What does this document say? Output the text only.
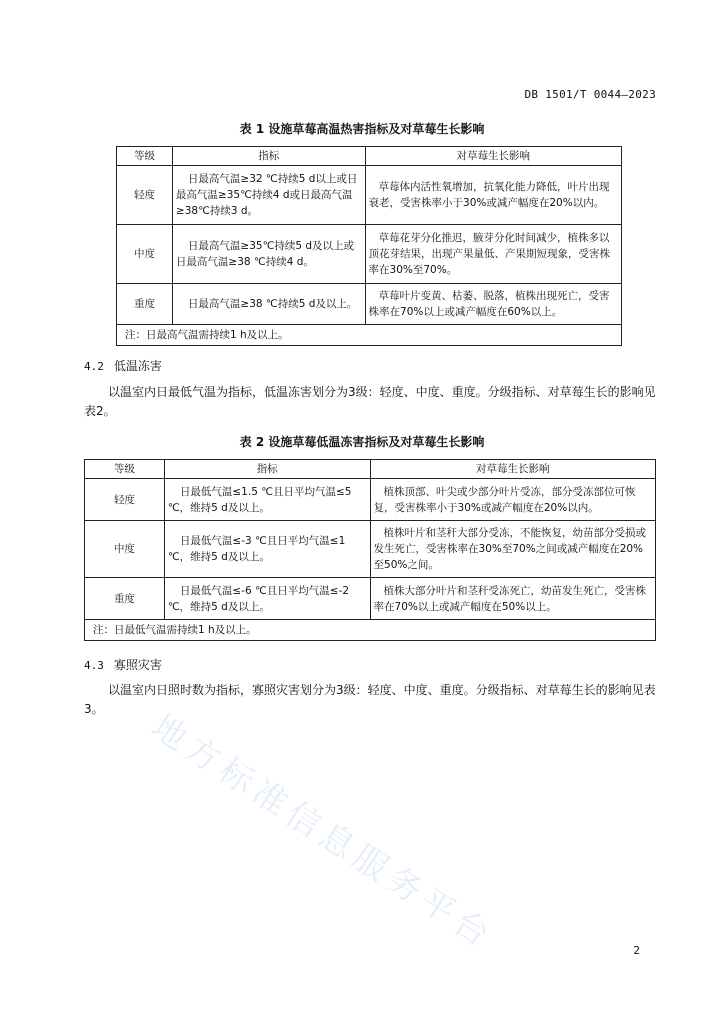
DB 1501/T 0044—2023
表 1 设施草莓高温热害指标及对草莓生长影响
等级	指标	对草莓生长影响
轻度	日最高气温≥32 ℃持续5 d以上或日最高气温≥35℃持续4 d或日最高气温≥38℃持续3 d。	草莓体内活性氧增加，抗氧化能力降低，叶片出现衰老，受害株率小于30%或减产幅度在20%以内。
中度	日最高气温≥35℃持续5 d及以上或日最高气温≥38 ℃持续4 d。	草莓花芽分化推迟，腋芽分化时间减少，植株多以顶花芽结果，出现产果量低、产果期短现象，受害株率在30%至70%。
重度	日最高气温≥38 ℃持续5 d及以上。	草莓叶片变黄、枯萎、脱落，植株出现死亡，受害株率在70%以上或减产幅度在60%以上。
注：日最高气温需持续1 h及以上。		
4.2 低温冻害
以温室内日最低气温为指标，低温冻害划分为3级：轻度、中度、重度。分级指标、对草莓生长的影响见表2。
表 2 设施草莓低温冻害指标及对草莓生长影响
等级	指标	对草莓生长影响
轻度	日最低气温≤1.5 ℃且日平均气温≤5 ℃，维持5 d及以上。	植株顶部、叶尖或少部分叶片受冻，部分受冻部位可恢复，受害株率小于30%或减产幅度在20%以内。
中度	日最低气温≤-3 ℃且日平均气温≤1 ℃，维持5 d及以上。	植株叶片和茎秆大部分受冻，不能恢复，幼苗部分受损或发生死亡，受害株率在30%至70%之间或减产幅度在20%至50%之间。
重度	日最低气温≤-6 ℃且日平均气温≤-2 ℃，维持5 d及以上。	植株大部分叶片和茎秆受冻死亡，幼苗发生死亡，受害株率在70%以上或减产幅度在50%以上。
注：日最低气温需持续1 h及以上。		
4.3 寡照灾害
以温室内日照时数为指标，寡照灾害划分为3级：轻度、中度、重度。分级指标、对草莓生长的影响见表3。	地方标准信息服务平台	2
